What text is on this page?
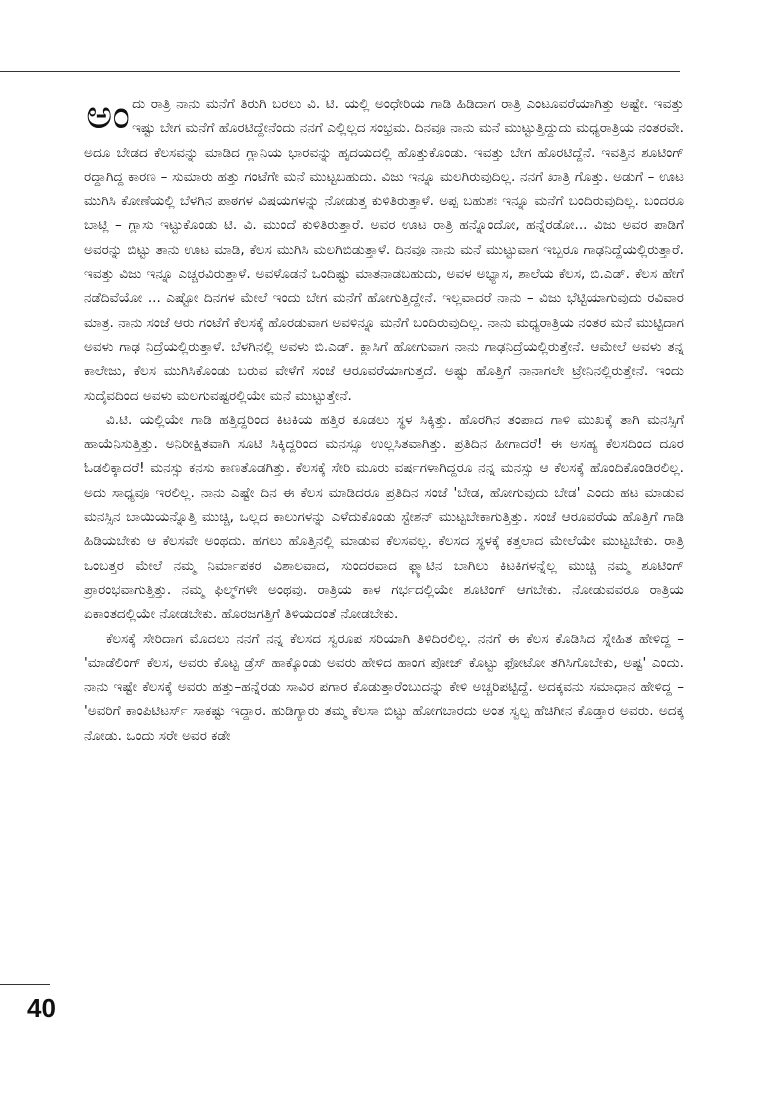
ಅಂದು ರಾತ್ರಿ ನಾನು ಮನೆಗೆ ತಿರುಗಿ ಬರಲು ವಿ. ಟಿ. ಯಲ್ಲಿ ಅಂಧೇರಿಯ ಗಾಡಿ ಹಿಡಿದಾಗ ರಾತ್ರಿ ಎಂಟೂವರೆಯಾಗಿತ್ತು ಅಷ್ಟೇ. ಇವತ್ತು ಇಷ್ಟು ಬೇಗ ಮನೆಗೆ ಹೊರಟಿದ್ದೇನೆಂದು ನನಗೆ ಎಲ್ಲಿಲ್ಲದ ಸಂಭ್ರಮ. ದಿನವೂ ನಾನು ಮನೆ ಮುಟ್ಟುತ್ತಿದ್ದುದು ಮಧ್ಯರಾತ್ರಿಯ ನಂತರವೇ. ಅದೂ ಬೇಡದ ಕೆಲಸವನ್ನು ಮಾಡಿದ ಗ್ಲಾನಿಯ ಭಾರವನ್ನು ಹೃದಯದಲ್ಲಿ ಹೊತ್ತುಕೊಂಡು. ಇವತ್ತು ಬೇಗ ಹೊರಟಿದ್ದೆನೆ. ಇವತ್ತಿನ ಶೂಟಿಂಗ್ ರದ್ದಾಗಿದ್ದ ಕಾರಣ – ಸುಮಾರು ಹತ್ತು ಗಂಟೆಗೇ ಮನೆ ಮುಟ್ಟಬಹುದು. ವಿಜು ಇನ್ನೂ ಮಲಗಿರುವುದಿಲ್ಲ. ನನಗೆ ಖಾತ್ರಿ ಗೊತ್ತು. ಅಡುಗೆ – ಊಟ ಮುಗಿಸಿ ಕೋಣೆಯಲ್ಲಿ ಬೆಳಗಿನ ಪಾಠಗಳ ವಿಷಯಗಳನ್ನು ನೋಡುತ್ತ ಕುಳಿತಿರುತ್ತಾಳೆ. ಅಪ್ಪ ಬಹುಶಃ ಇನ್ನೂ ಮನೆಗೆ ಬಂದಿರುವುದಿಲ್ಲ. ಬಂದರೂ ಬಾಟ್ಲಿ – ಗ್ಲಾಸು ಇಟ್ಟುಕೊಂಡು ಟಿ. ವಿ. ಮುಂದೆ ಕುಳಿತಿರುತ್ತಾರೆ. ಅವರ ಊಟ ರಾತ್ರಿ ಹನ್ನೊಂದೋ, ಹನ್ನೆರಡೋ... ವಿಜು ಅವರ ಪಾಡಿಗೆ ಅವರನ್ನು ಬಿಟ್ಟು ತಾನು ಊಟ ಮಾಡಿ, ಕೆಲಸ ಮುಗಿಸಿ ಮಲಗಿಬಿಡುತ್ತಾಳೆ. ದಿನವೂ ನಾನು ಮನೆ ಮುಟ್ಟುವಾಗ ಇಬ್ಬರೂ ಗಾಢನಿದ್ದೆಯಲ್ಲಿರುತ್ತಾರೆ. ಇವತ್ತು ವಿಜು ಇನ್ನೂ ಎಚ್ಚರವಿರುತ್ತಾಳೆ. ಅವಳೊಡನೆ ಒಂದಿಷ್ಟು ಮಾತನಾಡಬಹುದು, ಅವಳ ಅಭ್ಯಾಸ, ಶಾಲೆಯ ಕೆಲಸ, ಬಿ.ಎಡ್. ಕೆಲಸ ಹೇಗೆ ನಡೆದಿವೆಯೋ ... ಎಷ್ಟೋ ದಿನಗಳ ಮೇಲೆ ಇಂದು ಬೇಗ ಮನೆಗೆ ಹೋಗುತ್ತಿದ್ದೇನೆ. ಇಲ್ಲವಾದರೆ ನಾನು – ವಿಜು ಭೆಟ್ಟಿಯಾಗುವುದು ರವಿವಾರ ಮಾತ್ರ. ನಾನು ಸಂಜೆ ಆರು ಗಂಟೆಗೆ ಕೆಲಸಕ್ಕೆ ಹೊರಡುವಾಗ ಅವಳಿನ್ನೂ ಮನೆಗೆ ಬಂದಿರುವುದಿಲ್ಲ. ನಾನು ಮಧ್ಯರಾತ್ರಿಯ ನಂತರ ಮನೆ ಮುಟ್ಟಿದಾಗ ಅವಳು ಗಾಢ ನಿದ್ರೆಯಲ್ಲಿರುತ್ತಾಳೆ. ಬೆಳಗಿನಲ್ಲಿ ಅವಳು ಬಿ.ಎಡ್. ಕ್ಲಾಸಿಗೆ ಹೋಗುವಾಗ ನಾನು ಗಾಢನಿದ್ರೆಯಲ್ಲಿರುತ್ತೇನೆ. ಆಮೇಲೆ ಅವಳು ತನ್ನ ಕಾಲೇಜು, ಕೆಲಸ ಮುಗಿಸಿಕೊಂಡು ಬರುವ ವೇಳೆಗೆ ಸಂಜೆ ಆರೂವರೆಯಾಗುತ್ತದೆ. ಅಷ್ಟು ಹೊತ್ತಿಗೆ ನಾನಾಗಲೇ ಟ್ರೇನಿನಲ್ಲಿರುತ್ತೇನೆ. ಇಂದು ಸುದೈವದಿಂದ ಅವಳು ಮಲಗುವಷ್ಟರಲ್ಲಿಯೇ ಮನೆ ಮುಟ್ಟುತ್ತೇನೆ.

ವಿ.ಟಿ. ಯಲ್ಲಿಯೇ ಗಾಡಿ ಹತ್ತಿದ್ದರಿಂದ ಕಿಟಕಿಯ ಹತ್ತಿರ ಕೂಡಲು ಸ್ಥಳ ಸಿಕ್ಕಿತ್ತು. ಹೊರಗಿನ ತಂಪಾದ ಗಾಳಿ ಮುಖಕ್ಕೆ ತಾಗಿ ಮನಸ್ಸಿಗೆ ಹಾಯೆನಿಸುತ್ತಿತ್ತು. ಅನಿರೀಕ್ಷಿತವಾಗಿ ಸೂಟಿ ಸಿಕ್ಕಿದ್ದರಿಂದ ಮನಸ್ಸೂ ಉಲ್ಲಸಿತವಾಗಿತ್ತು. ಪ್ರತಿದಿನ ಹೀಗಾದರೆ! ಈ ಅಸಹ್ಯ ಕೆಲಸದಿಂದ ದೂರ ಓಡಲಿಕ್ಕಾದರೆ! ಮನಸ್ಸು ಕನಸು ಕಾಣತೊಡಗಿತ್ತು. ಕೆಲಸಕ್ಕೆ ಸೇರಿ ಮೂರು ವರ್ಷಗಳಾಗಿದ್ದರೂ ನನ್ನ ಮನಸ್ಸು ಆ ಕೆಲಸಕ್ಕೆ ಹೊಂದಿಕೊಂಡಿರಲಿಲ್ಲ. ಅದು ಸಾಧ್ಯವೂ ಇರಲಿಲ್ಲ. ನಾನು ಎಷ್ಟೇ ದಿನ ಈ ಕೆಲಸ ಮಾಡಿದರೂ ಪ್ರತಿದಿನ ಸಂಜೆ 'ಬೇಡ, ಹೋಗುವುದು ಬೇಡ' ಎಂದು ಹಟ ಮಾಡುವ ಮನಸ್ಸಿನ ಬಾಯಿಯನ್ನೊತ್ತಿ ಮುಚ್ಚಿ, ಒಲ್ಲದ ಕಾಲುಗಳನ್ನು ಎಳೆದುಕೊಂಡು ಸ್ಟೇಶನ್ ಮುಟ್ಟಬೇಕಾಗುತ್ತಿತ್ತು. ಸಂಜೆ ಆರೂವರೆಯ ಹೊತ್ತಿಗೆ ಗಾಡಿ ಹಿಡಿಯಬೇಕು ಆ ಕೆಲಸವೇ ಅಂಥದು. ಹಗಲು ಹೊತ್ತಿನಲ್ಲಿ ಮಾಡುವ ಕೆಲಸವಲ್ಲ. ಕೆಲಸದ ಸ್ಥಳಕ್ಕೆ ಕತ್ತಲಾದ ಮೇಲೆಯೇ ಮುಟ್ಟಬೇಕು. ರಾತ್ರಿ ಒಂಬತ್ತರ ಮೇಲೆ ನಮ್ಮ ನಿರ್ಮಾಪಕರ ವಿಶಾಲವಾದ, ಸುಂದರವಾದ ಫ್ಲ್ಯಾಟಿನ ಬಾಗಿಲು ಕಿಟಕಿಗಳನ್ನೆಲ್ಲ ಮುಚ್ಚಿ ನಮ್ಮ ಶೂಟಿಂಗ್ ಪ್ರಾರಂಭವಾಗುತ್ತಿತ್ತು. ನಮ್ಮ ಫಿಲ್ಮ್‌ಗಳೇ ಅಂಥವು. ರಾತ್ರಿಯ ಕಾಳ ಗರ್ಭದಲ್ಲಿಯೇ ಶೂಟಿಂಗ್ ಆಗಬೇಕು. ನೋಡುವವರೂ ರಾತ್ರಿಯ ಏಕಾಂತದಲ್ಲಿಯೇ ನೋಡಬೇಕು. ಹೊರಜಗತ್ತಿಗೆ ತಿಳಿಯದಂತೆ ನೋಡಬೇಕು.

ಕೆಲಸಕ್ಕೆ ಸೇರಿದಾಗ ಮೊದಲು ನನಗೆ ನನ್ನ ಕೆಲಸದ ಸ್ವರೂಪ ಸರಿಯಾಗಿ ತಿಳಿದಿರಲಿಲ್ಲ. ನನಗೆ ಈ ಕೆಲಸ ಕೊಡಿಸಿದ ಸ್ನೇಹಿತ ಹೇಳಿದ್ದ – 'ಮಾಡೆಲಿಂಗ್ ಕೆಲಸ, ಅವರು ಕೊಟ್ಟ ಡ್ರೆಸ್ ಹಾಕ್ಕೊಂಡು ಅವರು ಹೇಳಿದ ಹಾಂಗ ಪೋಜ್ ಕೊಟ್ಟು ಫೋಟೋ ತಗಿಸಿಗೊಬೇಕು, ಅಷ್ಟ' ಎಂದು. ನಾನು ಇಷ್ಟೇ ಕೆಲಸಕ್ಕೆ ಅವರು ಹತ್ತು–ಹನ್ನೆರಡು ಸಾವಿರ ಪಗಾರ ಕೊಡುತ್ತಾರೆಂಬುದನ್ನು ಕೇಳಿ ಅಚ್ಚರಿಪಟ್ಟಿದ್ದೆ. ಅದಕ್ಕವನು ಸಮಾಧಾನ ಹೇಳಿದ್ದ – 'ಅವರಿಗೆ ಕಾಂಪಿಟಿಟರ್ಸ್ ಸಾಕಷ್ಟು ಇದ್ದಾರ. ಹುಡಿಗ್ಯಾರು ತಮ್ಮ ಕೆಲಸಾ ಬಿಟ್ಟು ಹೋಗಬಾರದು ಅಂತ ಸ್ವಲ್ಪ ಹೆಚಿಗೀನ ಕೊಡ್ತಾರ ಅವರು. ಅದಕ್ಕ ನೋಡು. ಒಂದು ಸರೇ ಅವರ ಕಡೇ

40
